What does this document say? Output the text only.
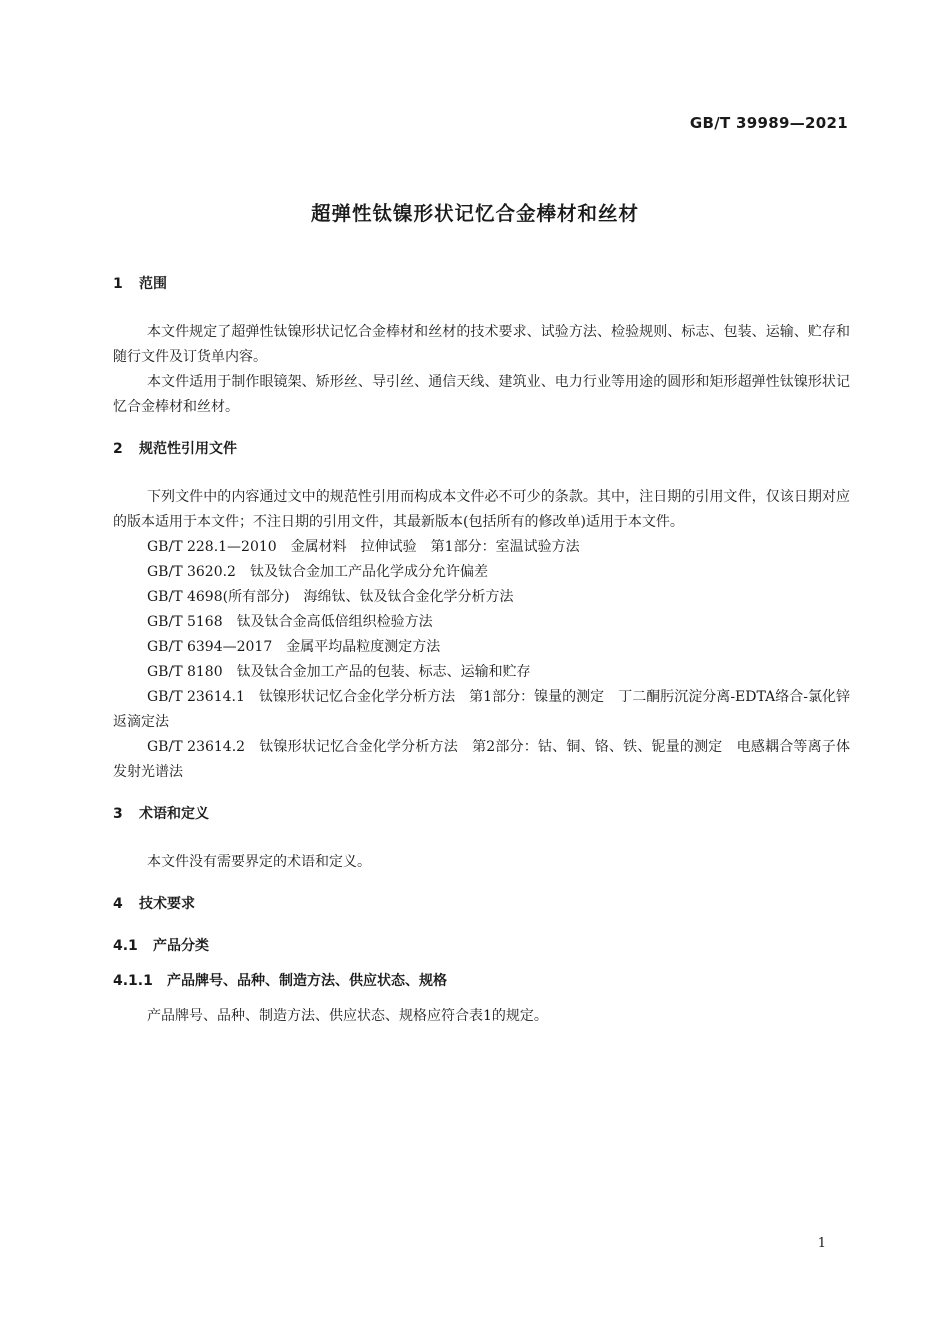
GB/T 39989—2021
超弹性钛镍形状记忆合金棒材和丝材
1 范围

本文件规定了超弹性钛镍形状记忆合金棒材和丝材的技术要求、试验方法、检验规则、标志、包装、运输、贮存和随行文件及订货单内容。

本文件适用于制作眼镜架、矫形丝、导引丝、通信天线、建筑业、电力行业等用途的圆形和矩形超弹性钛镍形状记忆合金棒材和丝材。

2 规范性引用文件

下列文件中的内容通过文中的规范性引用而构成本文件必不可少的条款。其中，注日期的引用文件，仅该日期对应的版本适用于本文件；不注日期的引用文件，其最新版本(包括所有的修改单)适用于本文件。

GB/T 228.1—2010 金属材料　拉伸试验　第1部分：室温试验方法

GB/T 3620.2 钛及钛合金加工产品化学成分允许偏差

GB/T 4698(所有部分) 海绵钛、钛及钛合金化学分析方法

GB/T 5168 钛及钛合金高低倍组织检验方法

GB/T 6394—2017 金属平均晶粒度测定方法

GB/T 8180 钛及钛合金加工产品的包装、标志、运输和贮存

GB/T 23614.1 钛镍形状记忆合金化学分析方法　第1部分：镍量的测定　丁二酮肟沉淀分离-EDTA络合-氯化锌返滴定法

GB/T 23614.2 钛镍形状记忆合金化学分析方法　第2部分：钴、铜、铬、铁、铌量的测定　电感耦合等离子体发射光谱法

3 术语和定义

本文件没有需要界定的术语和定义。

4 技术要求
4.1 产品分类
4.1.1 产品牌号、品种、制造方法、供应状态、规格

产品牌号、品种、制造方法、供应状态、规格应符合表1的规定。

1
